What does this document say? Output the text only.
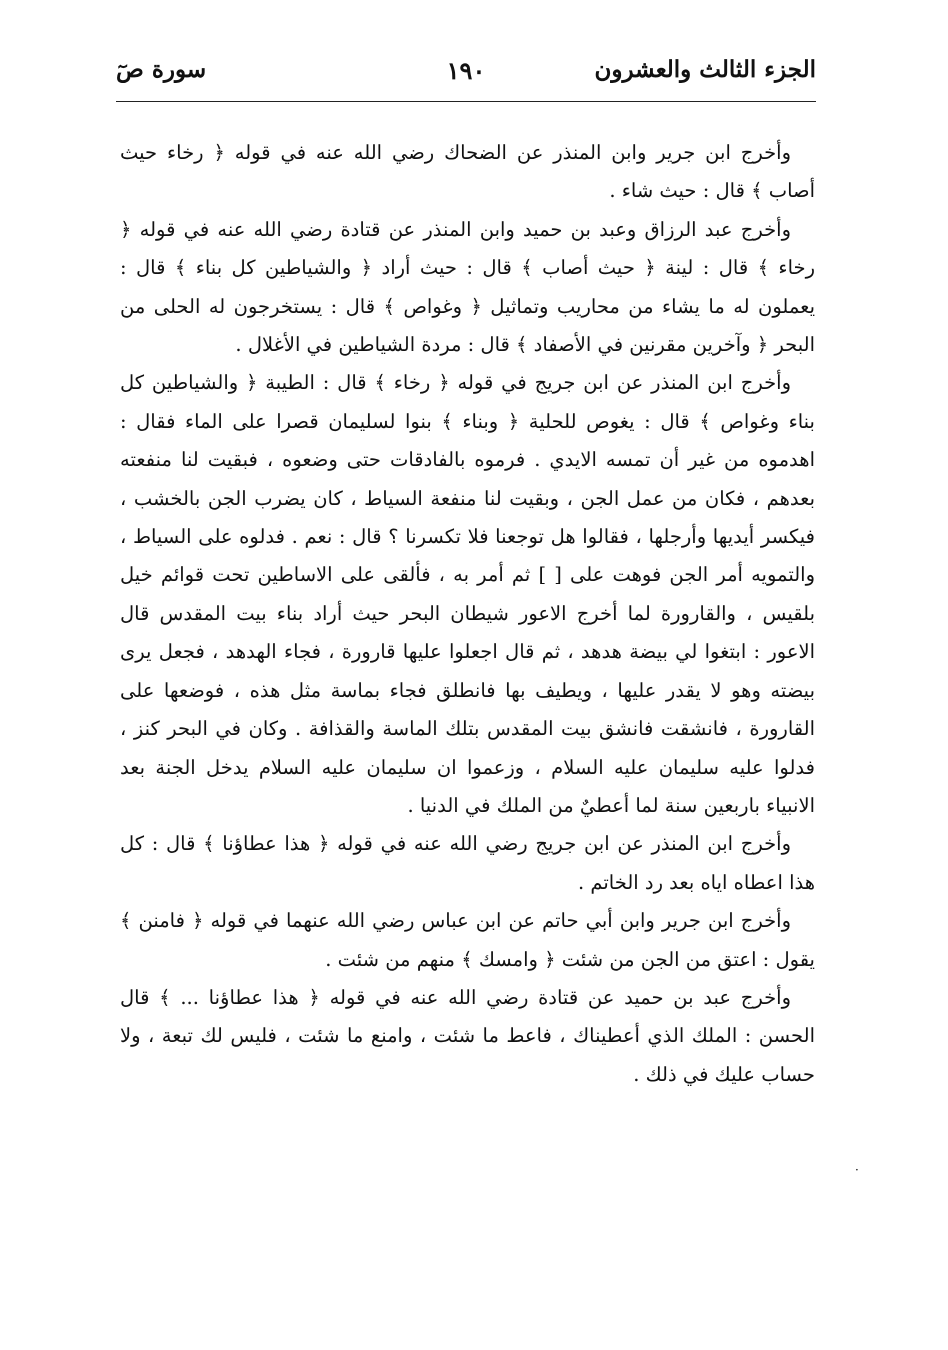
الجزء الثالث والعشرون
١٩٠
سورة صٓ

وأخرج ابن جرير وابن المنذر عن الضحاك رضي الله عنه في قوله ﴿ رخاء حيث أصاب ﴾ قال : حيث شاء .

وأخرج عبد الرزاق وعبد بن حميد وابن المنذر عن قتادة رضي الله عنه في قوله ﴿ رخاء ﴾ قال : لينة ﴿ حيث أصاب ﴾ قال : حيث أراد ﴿ والشياطين كل بناء ﴾ قال : يعملون له ما يشاء من محاريب وتماثيل ﴿ وغواص ﴾ قال : يستخرجون له الحلى من البحر ﴿ وآخرين مقرنين في الأصفاد ﴾ قال : مردة الشياطين في الأغلال .

وأخرج ابن المنذر عن ابن جريج في قوله ﴿ رخاء ﴾ قال : الطيبة ﴿ والشياطين كل بناء وغواص ﴾ قال : يغوص للحلية ﴿ وبناء ﴾ بنوا لسليمان قصرا على الماء فقال : اهدموه من غير أن تمسه الايدي . فرموه بالفادقات حتى وضعوه ، فبقيت لنا منفعته بعدهم ، فكان من عمل الجن ، وبقيت لنا منفعة السياط ، كان يضرب الجن بالخشب ، فيكسر أيديها وأرجلها ، فقالوا هل توجعنا فلا تكسرنا ؟ قال : نعم . فدلوه على السياط ، والتمويه أمر الجن فوهت على [ ] ثم أمر به ، فألقى على الاساطين تحت قوائم خيل بلقيس ، والقارورة لما أخرج الاعور شيطان البحر حيث أراد بناء بيت المقدس قال الاعور : ابتغوا لي بيضة هدهد ، ثم قال اجعلوا عليها قارورة ، فجاء الهدهد ، فجعل يرى بيضته وهو لا يقدر عليها ، ويطيف بها فانطلق فجاء بماسة مثل هذه ، فوضعها على القارورة ، فانشقت فانشق بيت المقدس بتلك الماسة والقذافة . وكان في البحر كنز ، فدلوا عليه سليمان عليه السلام ، وزعموا ان سليمان عليه السلام يدخل الجنة بعد الانبياء باربعين سنة لما أعطيٌ من الملك في الدنيا .

وأخرج ابن المنذر عن ابن جريج رضي الله عنه في قوله ﴿ هذا عطاؤنا ﴾ قال : كل هذا اعطاه اياه بعد رد الخاتم .

وأخرج ابن جرير وابن أبي حاتم عن ابن عباس رضي الله عنهما في قوله ﴿ فامنن ﴾ يقول : اعتق من الجن من شئت ﴿ وامسك ﴾ منهم من شئت .

وأخرج عبد بن حميد عن قتادة رضي الله عنه في قوله ﴿ هذا عطاؤنا ... ﴾ قال الحسن : الملك الذي أعطيناك ، فاعط ما شئت ، وامنع ما شئت ، فليس لك تبعة ، ولا حساب عليك في ذلك .

·
